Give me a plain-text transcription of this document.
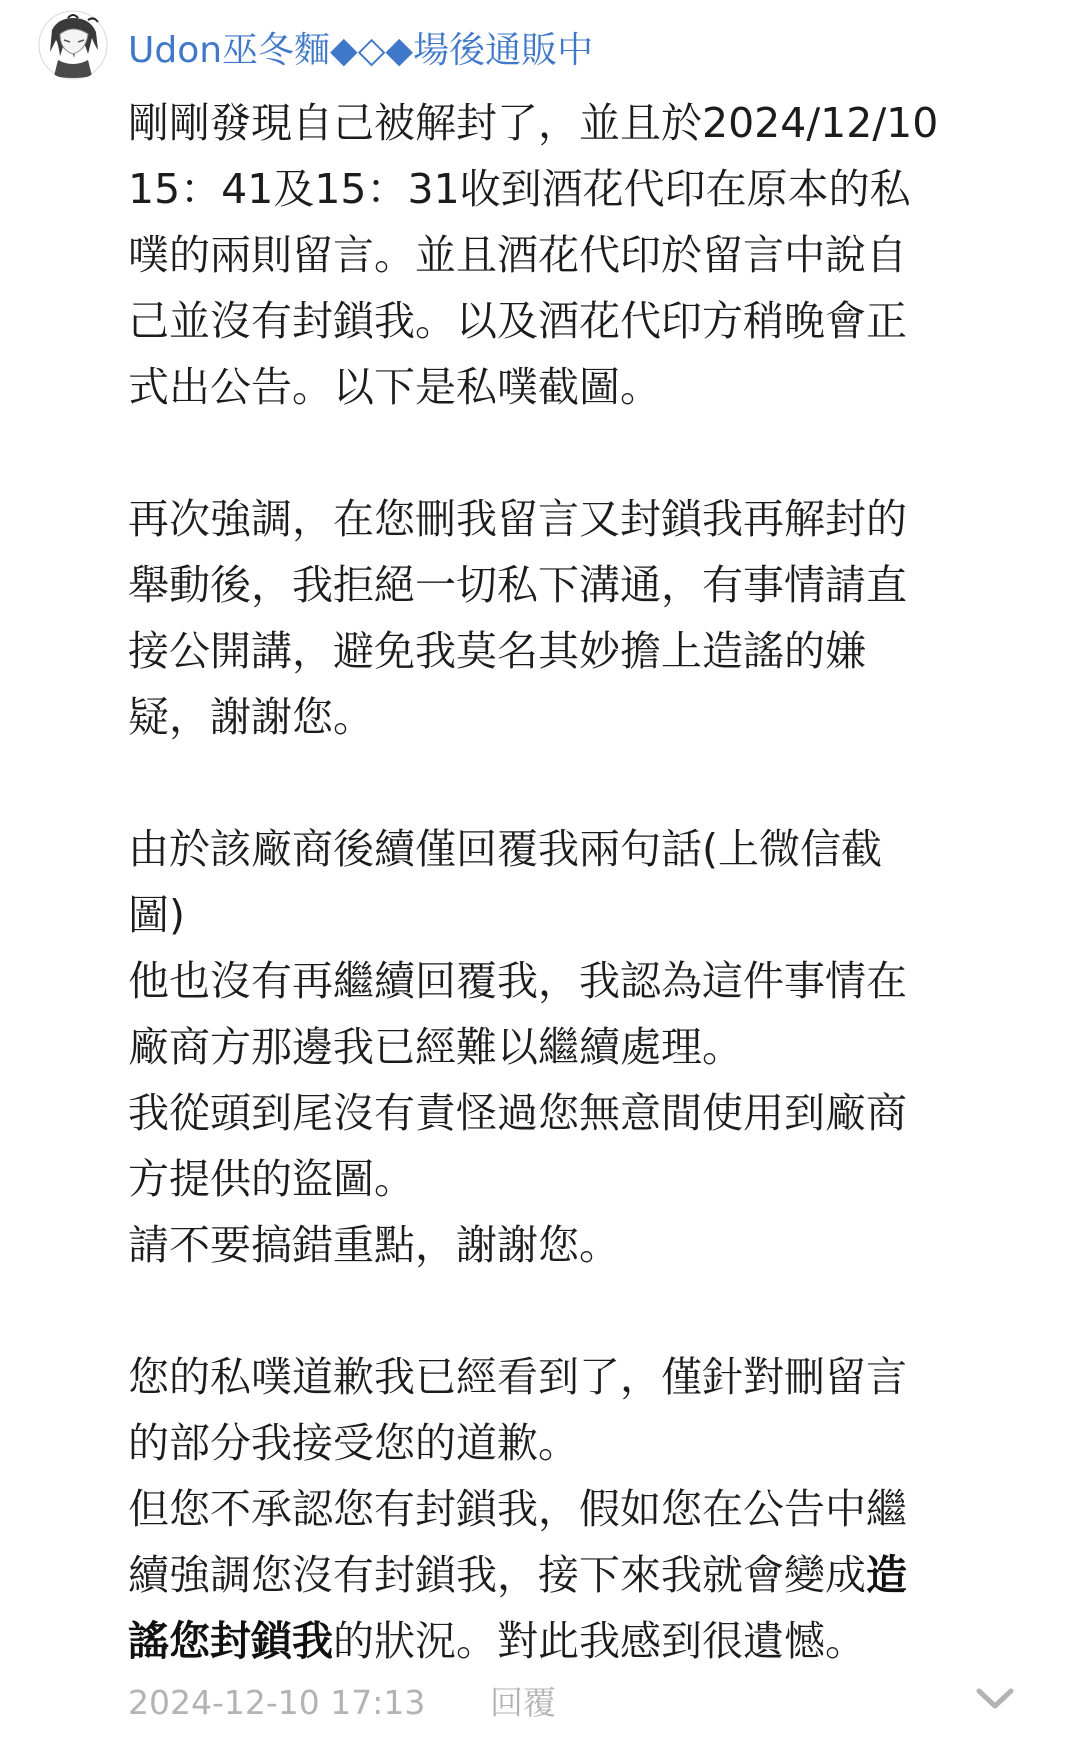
Udon巫冬麵◆◇◆場後通販中
剛剛發現自己被解封了，並且於2024/12/10
15：41及15：31收到酒花代印在原本的私
噗的兩則留言。並且酒花代印於留言中說自
己並沒有封鎖我。以及酒花代印方稍晚會正
式出公告。以下是私噗截圖。
再次強調，在您刪我留言又封鎖我再解封的
舉動後，我拒絕一切私下溝通，有事情請直
接公開講，避免我莫名其妙擔上造謠的嫌
疑，謝謝您。
由於該廠商後續僅回覆我兩句話(上微信截
圖)
他也沒有再繼續回覆我，我認為這件事情在
廠商方那邊我已經難以繼續處理。
我從頭到尾沒有責怪過您無意間使用到廠商
方提供的盜圖。
請不要搞錯重點，謝謝您。
您的私噗道歉我已經看到了，僅針對刪留言
的部分我接受您的道歉。
但您不承認您有封鎖我，假如您在公告中繼
續強調您沒有封鎖我，接下來我就會變成造
謠您封鎖我的狀況。對此我感到很遺憾。
2024-12-10 17:13 回覆
